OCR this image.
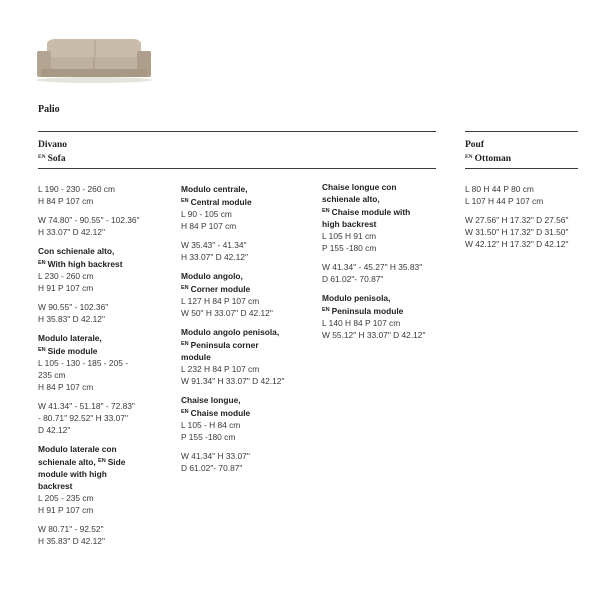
Palio
Divano
$^{EN}$ Sofa
Pouf
$^{EN}$ Ottoman
L 190 - 230 - 260 cm
H 84 P 107 cm
W 74.80" - 90.55" - 102.36"
H 33.07" D 42.12"
Con schienale alto,
$^{EN}$ With high backrest
L 230 - 260 cm
H 91 P 107 cm
W 90.55" - 102.36"
H 35.83" D 42.12"
Modulo laterale,
$^{EN}$ Side module
L 105 - 130 - 185 - 205 -
235 cm
H 84 P 107 cm
W 41.34" - 51.18" - 72.83"
- 80.71" 92.52" H 33.07"
D 42.12"
Modulo laterale con
schienale alto, $^{EN}$ Side
module with high
backrest
L 205 - 235 cm
H 91 P 107 cm
W 80.71" - 92.52"
H 35.83" D 42.12"
Modulo centrale,
$^{EN}$ Central module
L 90 - 105 cm
H 84 P 107 cm
W 35.43" - 41.34"
H 33.07" D 42.12"
Modulo angolo,
$^{EN}$ Corner module
L 127 H 84 P 107 cm
W 50" H 33.07" D 42.12"
Modulo angolo penisola,
$^{EN}$ Peninsula corner
module
L 232 H 84 P 107 cm
W 91.34" H 33.07" D 42.12"
Chaise longue,
$^{EN}$ Chaise module
L 105 - H 84 cm
P 155 -180 cm
W 41.34" H 33.07"
D 61.02"- 70.87"
Chaise longue con
schienale alto,
$^{EN}$ Chaise module with
high backrest
L 105 H 91 cm
P 155 -180 cm
W 41.34" - 45.27" H 35.83"
D 61.02"- 70.87"
Modulo penisola,
$^{EN}$ Peninsula module
L 140 H 84 P 107 cm
W 55.12" H 33.07" D 42.12"
L 80 H 44 P 80 cm
L 107 H 44 P 107 cm
W 27.56" H 17.32" D 27.56"
W 31.50" H 17.32" D 31.50"
W 42.12" H 17.32" D 42.12"
